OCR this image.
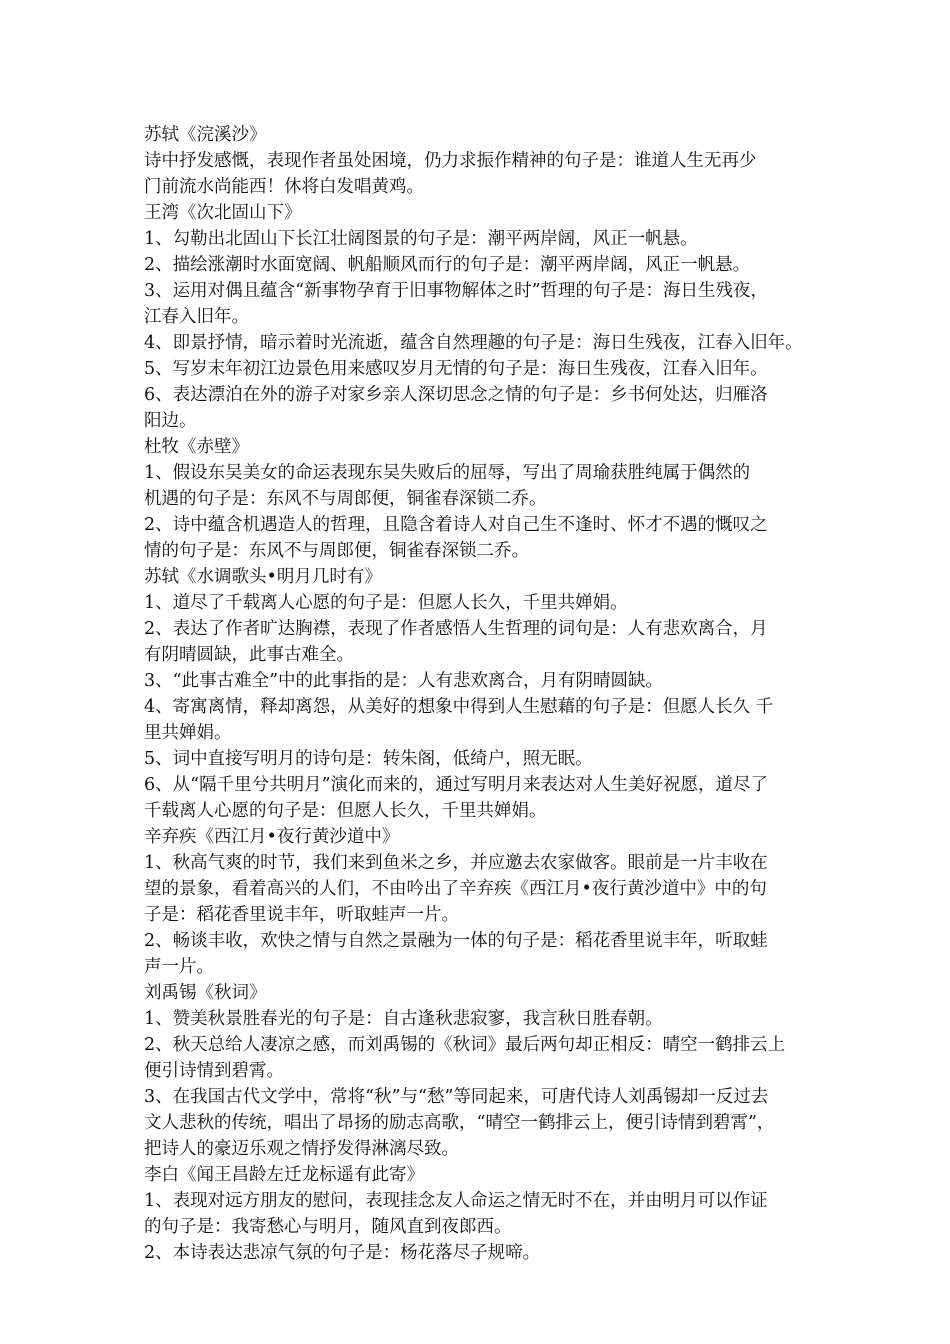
苏轼《浣溪沙》
诗中抒发感慨，表现作者虽处困境，仍力求振作精神的句子是：谁道人生无再少
门前流水尚能西！休将白发唱黄鸡。
王湾《次北固山下》
1、勾勒出北固山下长江壮阔图景的句子是：潮平两岸阔，风正一帆悬。
2、描绘涨潮时水面宽阔、帆船顺风而行的句子是：潮平两岸阔，风正一帆悬。
3、运用对偶且蕴含“新事物孕育于旧事物解体之时”哲理的句子是：海日生残夜，
江春入旧年。
4、即景抒情，暗示着时光流逝，蕴含自然理趣的句子是：海日生残夜，江春入旧年。
5、写岁末年初江边景色用来感叹岁月无情的句子是：海日生残夜，江春入旧年。
6、表达漂泊在外的游子对家乡亲人深切思念之情的句子是：乡书何处达，归雁洛
阳边。
杜牧《赤壁》
1、假设东吴美女的命运表现东吴失败后的屈辱，写出了周瑜获胜纯属于偶然的
机遇的句子是：东风不与周郎便，铜雀春深锁二乔。
2、诗中蕴含机遇造人的哲理，且隐含着诗人对自己生不逢时、怀才不遇的慨叹之
情的句子是：东风不与周郎便，铜雀春深锁二乔。
苏轼《水调歌头•明月几时有》
1、道尽了千载离人心愿的句子是：但愿人长久，千里共婵娟。
2、表达了作者旷达胸襟，表现了作者感悟人生哲理的词句是：人有悲欢离合，月
有阴晴圆缺，此事古难全。
3、“此事古难全”中的此事指的是：人有悲欢离合，月有阴晴圆缺。
4、寄寓离情，释却离怨，从美好的想象中得到人生慰藉的句子是：但愿人长久 千
里共婵娟。
5、词中直接写明月的诗句是：转朱阁，低绮户，照无眠。
6、从“隔千里兮共明月”演化而来的，通过写明月来表达对人生美好祝愿，道尽了
千载离人心愿的句子是：但愿人长久，千里共婵娟。
辛弃疾《西江月•夜行黄沙道中》
1、秋高气爽的时节，我们来到鱼米之乡，并应邀去农家做客。眼前是一片丰收在
望的景象，看着高兴的人们，不由吟出了辛弃疾《西江月•夜行黄沙道中》中的句
子是：稻花香里说丰年，听取蛙声一片。
2、畅谈丰收，欢快之情与自然之景融为一体的句子是：稻花香里说丰年，听取蛙
声一片。
刘禹锡《秋词》
1、赞美秋景胜春光的句子是：自古逢秋悲寂寥，我言秋日胜春朝。
2、秋天总给人凄凉之感，而刘禹锡的《秋词》最后两句却正相反：晴空一鹤排云上
便引诗情到碧霄。
3、在我国古代文学中，常将“秋”与“愁”等同起来，可唐代诗人刘禹锡却一反过去
文人悲秋的传统，唱出了昂扬的励志高歌，“晴空一鹤排云上，便引诗情到碧霄”，
把诗人的豪迈乐观之情抒发得淋漓尽致。
李白《闻王昌龄左迁龙标遥有此寄》
1、表现对远方朋友的慰问，表现挂念友人命运之情无时不在，并由明月可以作证
的句子是：我寄愁心与明月，随风直到夜郎西。
2、本诗表达悲凉气氛的句子是：杨花落尽子规啼。
